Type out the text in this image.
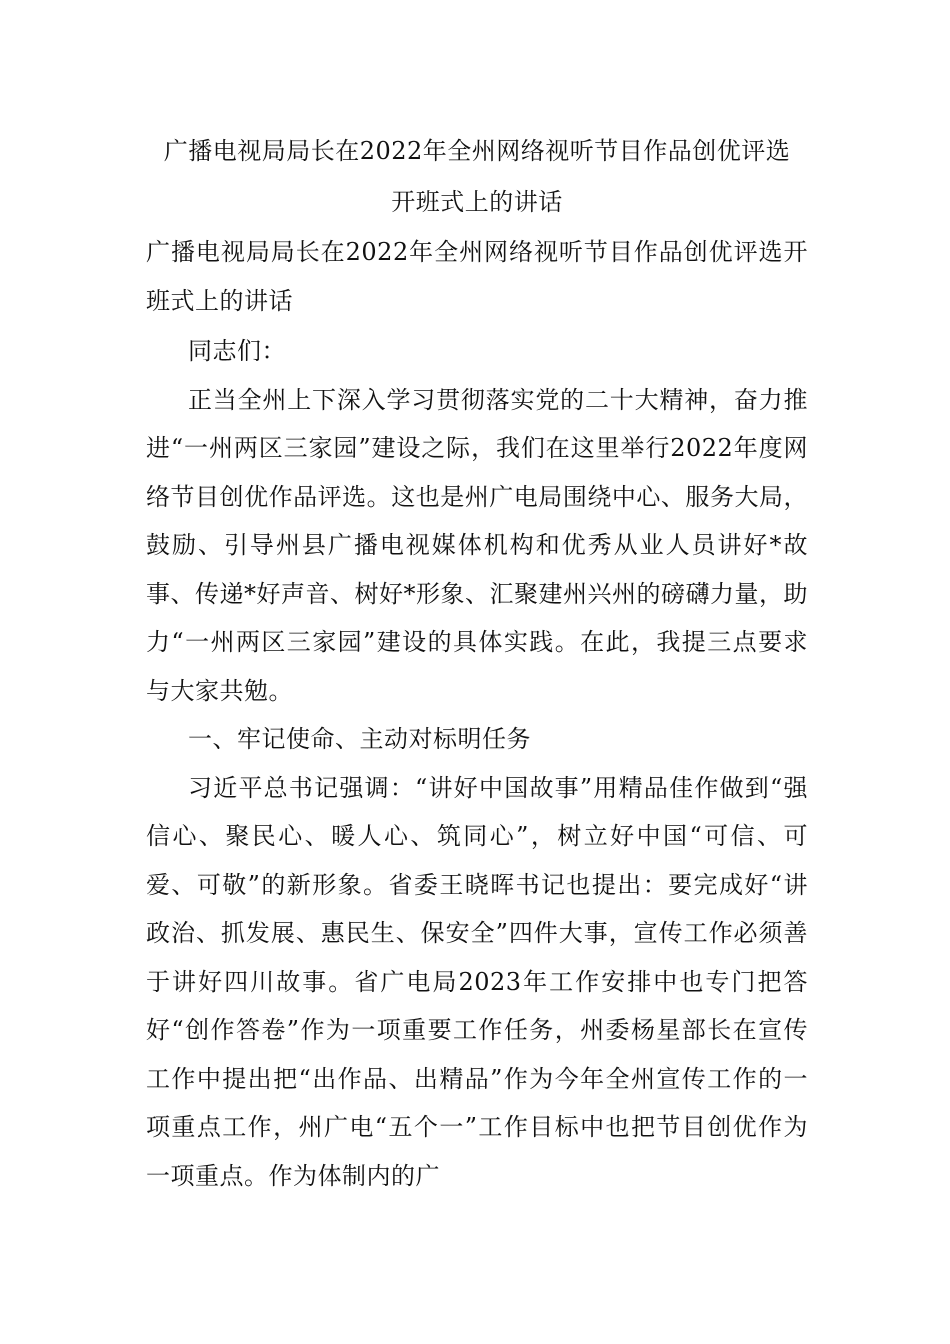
广播电视局局长在2022年全州网络视听节目作品创优评选
开班式上的讲话

广播电视局局长在2022年全州网络视听节目作品创优评选开班式上的讲话

同志们：

正当全州上下深入学习贯彻落实党的二十大精神，奋力推进“一州两区三家园”建设之际，我们在这里举行2022年度网络节目创优作品评选。这也是州广电局围绕中心、服务大局，鼓励、引导州县广播电视媒体机构和优秀从业人员讲好*故事、传递*好声音、树好*形象、汇聚建州兴州的磅礴力量，助力“一州两区三家园”建设的具体实践。在此，我提三点要求与大家共勉。

一、牢记使命、主动对标明任务

习近平总书记强调：“讲好中国故事”用精品佳作做到“强信心、聚民心、暖人心、筑同心”，树立好中国“可信、可爱、可敬”的新形象。省委王晓晖书记也提出：要完成好“讲政治、抓发展、惠民生、保安全”四件大事，宣传工作必须善于讲好四川故事。省广电局2023年工作安排中也专门把答好“创作答卷”作为一项重要工作任务，州委杨星部长在宣传工作中提出把“出作品、出精品”作为今年全州宣传工作的一项重点工作，州广电“五个一”工作目标中也把节目创优作为一项重点。作为体制内的广
